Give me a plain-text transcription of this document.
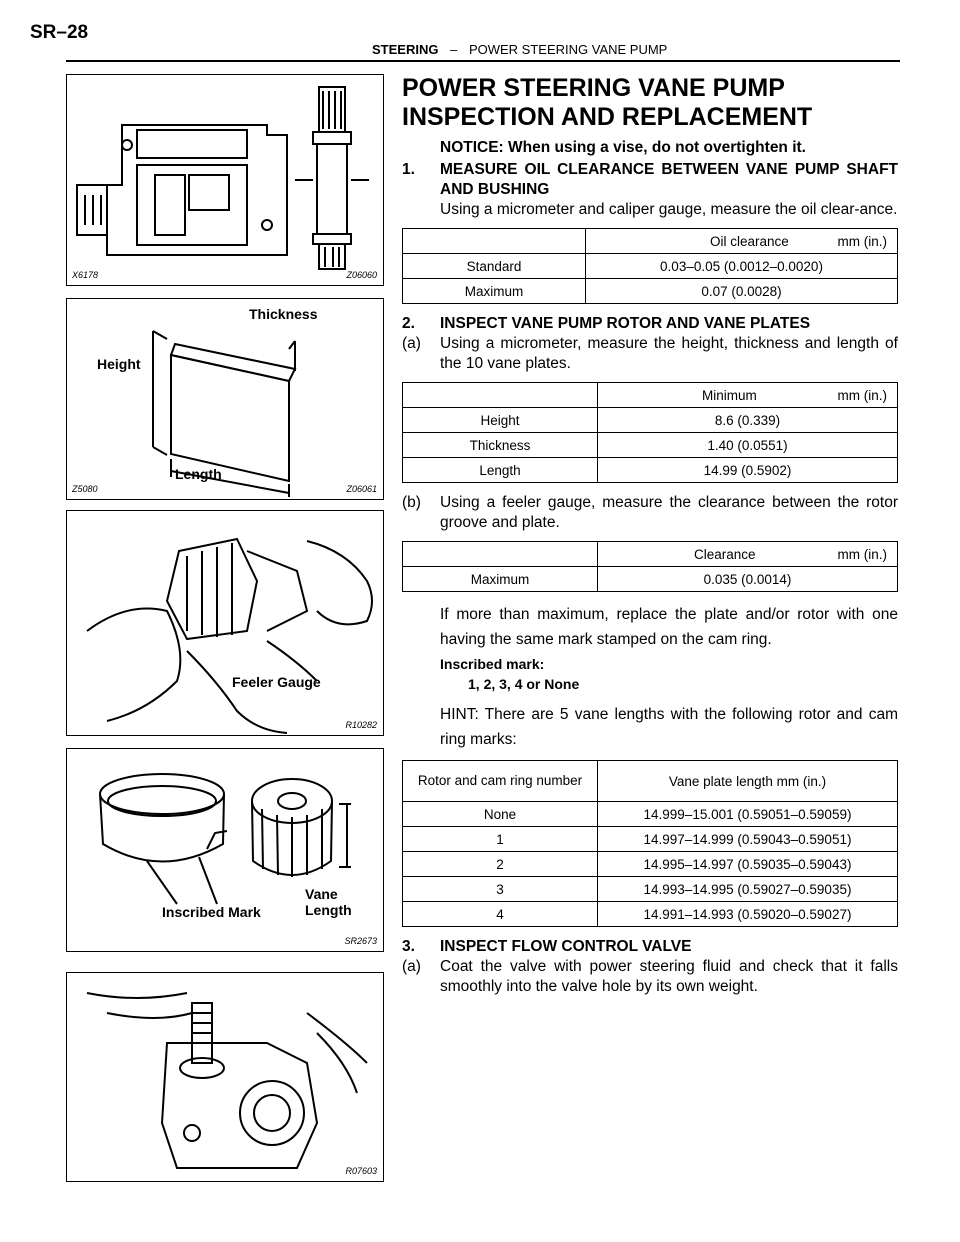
SR–28
STEERING – POWER STEERING VANE PUMP
X6178	Z06060
Thickness
Height
Length
Z5080	Z06061
Feeler Gauge
R10282
Inscribed Mark
Vane
Length
SR2673
R07603
POWER STEERING VANE PUMP
INSPECTION AND REPLACEMENT
NOTICE: When using a vise, do not overtighten it.
1.	MEASURE OIL CLEARANCE BETWEEN VANE PUMP SHAFT AND BUSHING
Using a micrometer and caliper gauge, measure the oil clear-ance.

	Oil clearance mm (in.)

Standard	0.03–0.05 (0.0012–0.0020)
Maximum	0.07 (0.0028)
2.	INSPECT VANE PUMP ROTOR AND VANE PLATES
(a)	Using a micrometer, measure the height, thickness and length of the 10 vane plates.

	Minimum mm (in.)

Height	8.6 (0.339)
Thickness	1.40 (0.0551)
Length	14.99 (0.5902)
(b)	Using a feeler gauge, measure the clearance between the rotor groove and plate.

	Clearance mm (in.)

Maximum	0.035 (0.0014)
If more than maximum, replace the plate and/or rotor with one having the same mark stamped on the cam ring.
Inscribed mark:
1, 2, 3, 4 or None
HINT: There are 5 vane lengths with the following rotor and cam ring marks:
Rotor and cam ring number	Vane plate length mm (in.)
None	14.999–15.001 (0.59051–0.59059)
1	14.997–14.999 (0.59043–0.59051)
2	14.995–14.997 (0.59035–0.59043)
3	14.993–14.995 (0.59027–0.59035)
4	14.991–14.993 (0.59020–0.59027)
3.	INSPECT FLOW CONTROL VALVE
(a)	Coat the valve with power steering fluid and check that it falls smoothly into the valve hole by its own weight.
